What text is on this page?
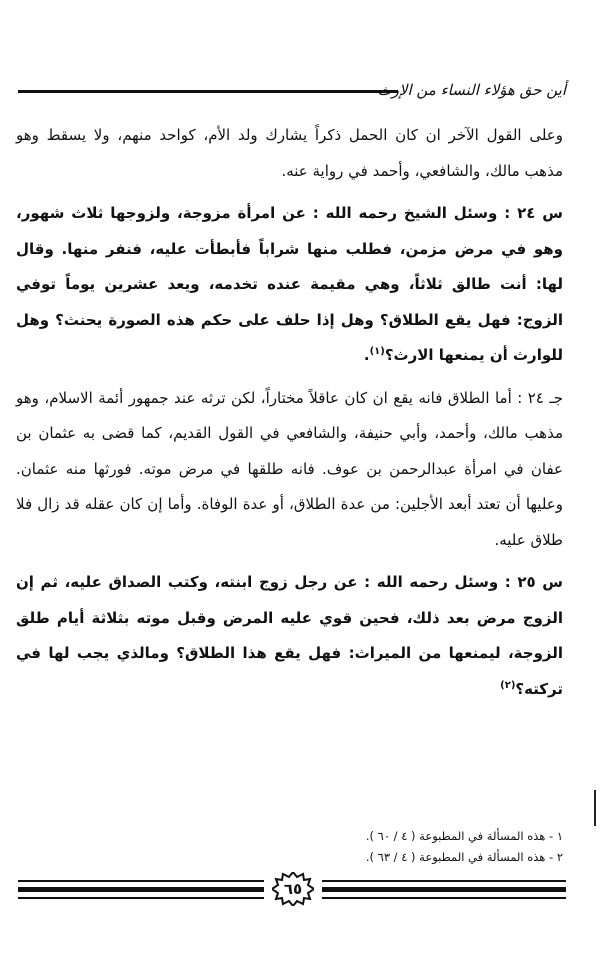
أين حق هؤلاء النساء من الإرث

وعلى القول الآخر ان كان الحمل ذكراً يشارك ولد الأم، كواحد منهم، ولا يسقط وهو مذهب مالك، والشافعي، وأحمد في رواية عنه.

س ٢٤ : وسئل الشيخ رحمه الله : عن امرأة مزوجة، ولزوجها ثلاث شهور، وهو في مرض مزمن، فطلب منها شراباً فأبطأت عليه، فنفر منها. وقال لها: أنت طالق ثلاثاً، وهي مقيمة عنده تخدمه، ويعد عشرين يوماً توفي الزوج: فهل يقع الطلاق؟ وهل إذا حلف على حكم هذه الصورة يحنث؟ وهل للوارث أن يمنعها الارث؟$^{(١)}$.

جـ ٢٤ : أما الطلاق فانه يقع ان كان عاقلاً مختاراً، لكن ترثه عند جمهور أئمة الاسلام، وهو مذهب مالك، وأحمد، وأبي حنيفة، والشافعي في القول القديم، كما قضى به عثمان بن عفان في امرأة عبدالرحمن بن عوف. فانه طلقها في مرض موته. فورثها منه عثمان. وعليها أن تعتد أبعد الأجلين: من عدة الطلاق، أو عدة الوفاة. وأما إن كان عقله قد زال فلا طلاق عليه.

س ٢٥ : وسئل رحمه الله : عن رجل زوج ابنته، وكتب الصداق عليه، ثم إن الزوج مرض بعد ذلك، فحين قوي عليه المرض وقبل موته بثلاثة أيام طلق الزوجة، ليمنعها من الميراث: فهل يقع هذا الطلاق؟ ومالذي يجب لها في تركته؟$^{(٢)}$

١ - هذه المسألة في المطبوعة ( ٤ / ٦٠ ).
٢ - هذه المسألة في المطبوعة ( ٤ / ٦٣ ).
٦٥
